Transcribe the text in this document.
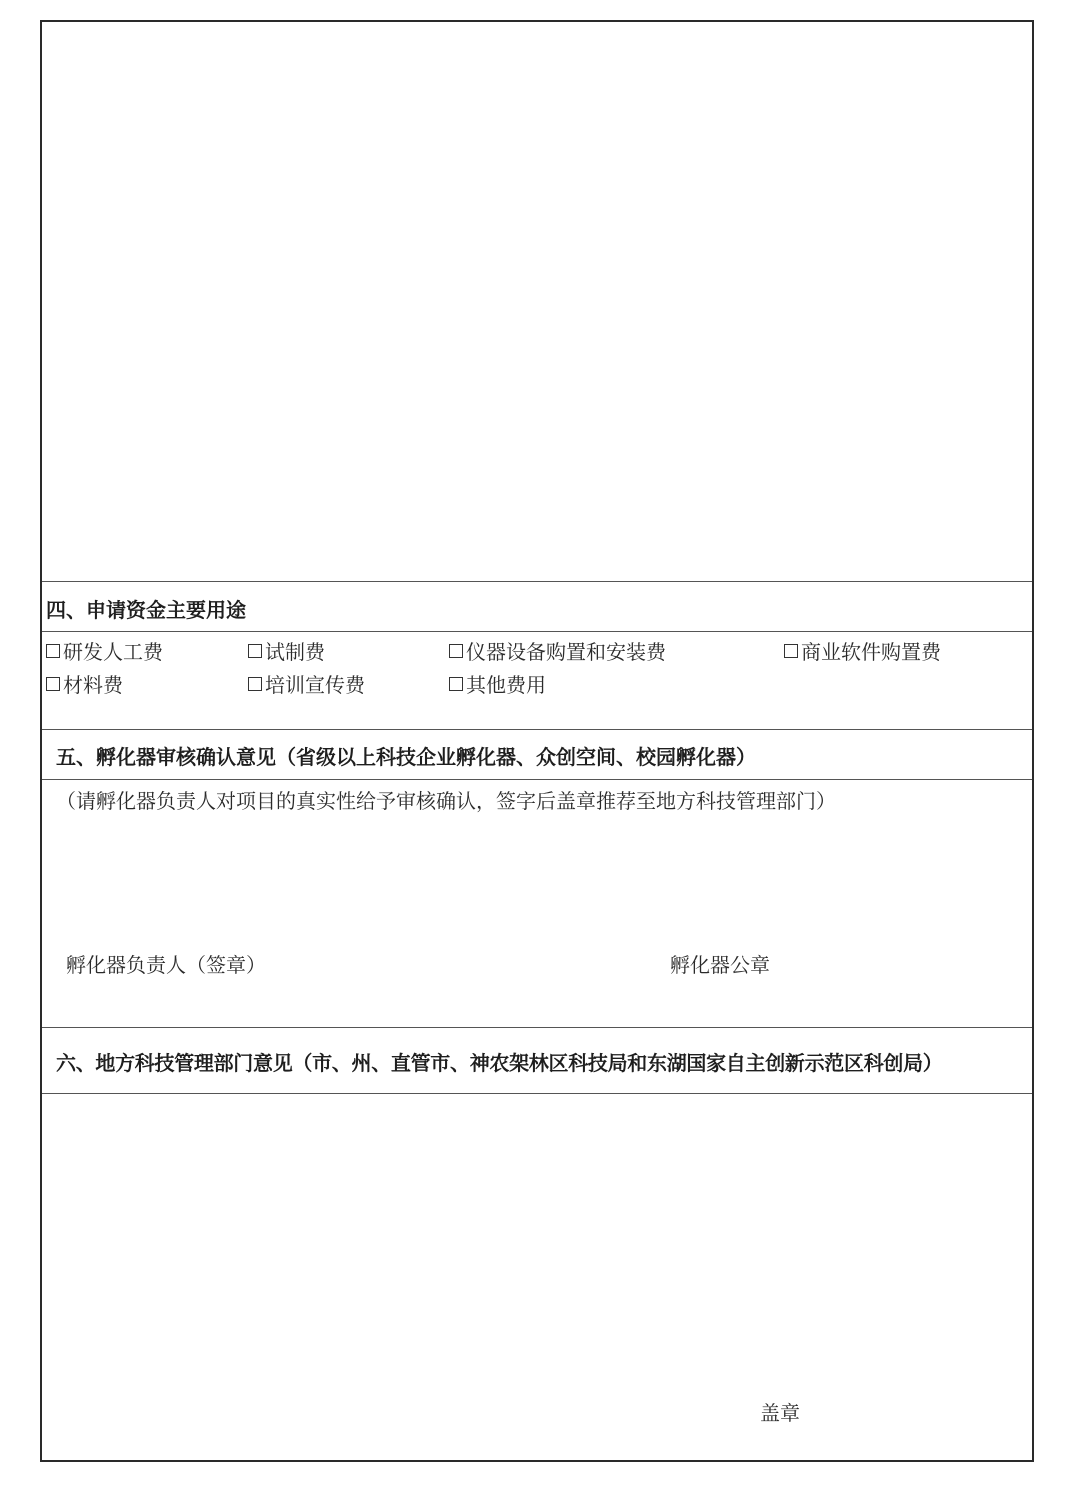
四、申请资金主要用途
研发人工费	试制费	仪器设备购置和安装费	商业软件购置费
材料费	培训宣传费	其他费用
五、孵化器审核确认意见（省级以上科技企业孵化器、众创空间、校园孵化器）
（请孵化器负责人对项目的真实性给予审核确认，签字后盖章推荐至地方科技管理部门）
孵化器负责人（签章）	孵化器公章
六、地方科技管理部门意见（市、州、直管市、神农架林区科技局和东湖国家自主创新示范区科创局）
盖章
